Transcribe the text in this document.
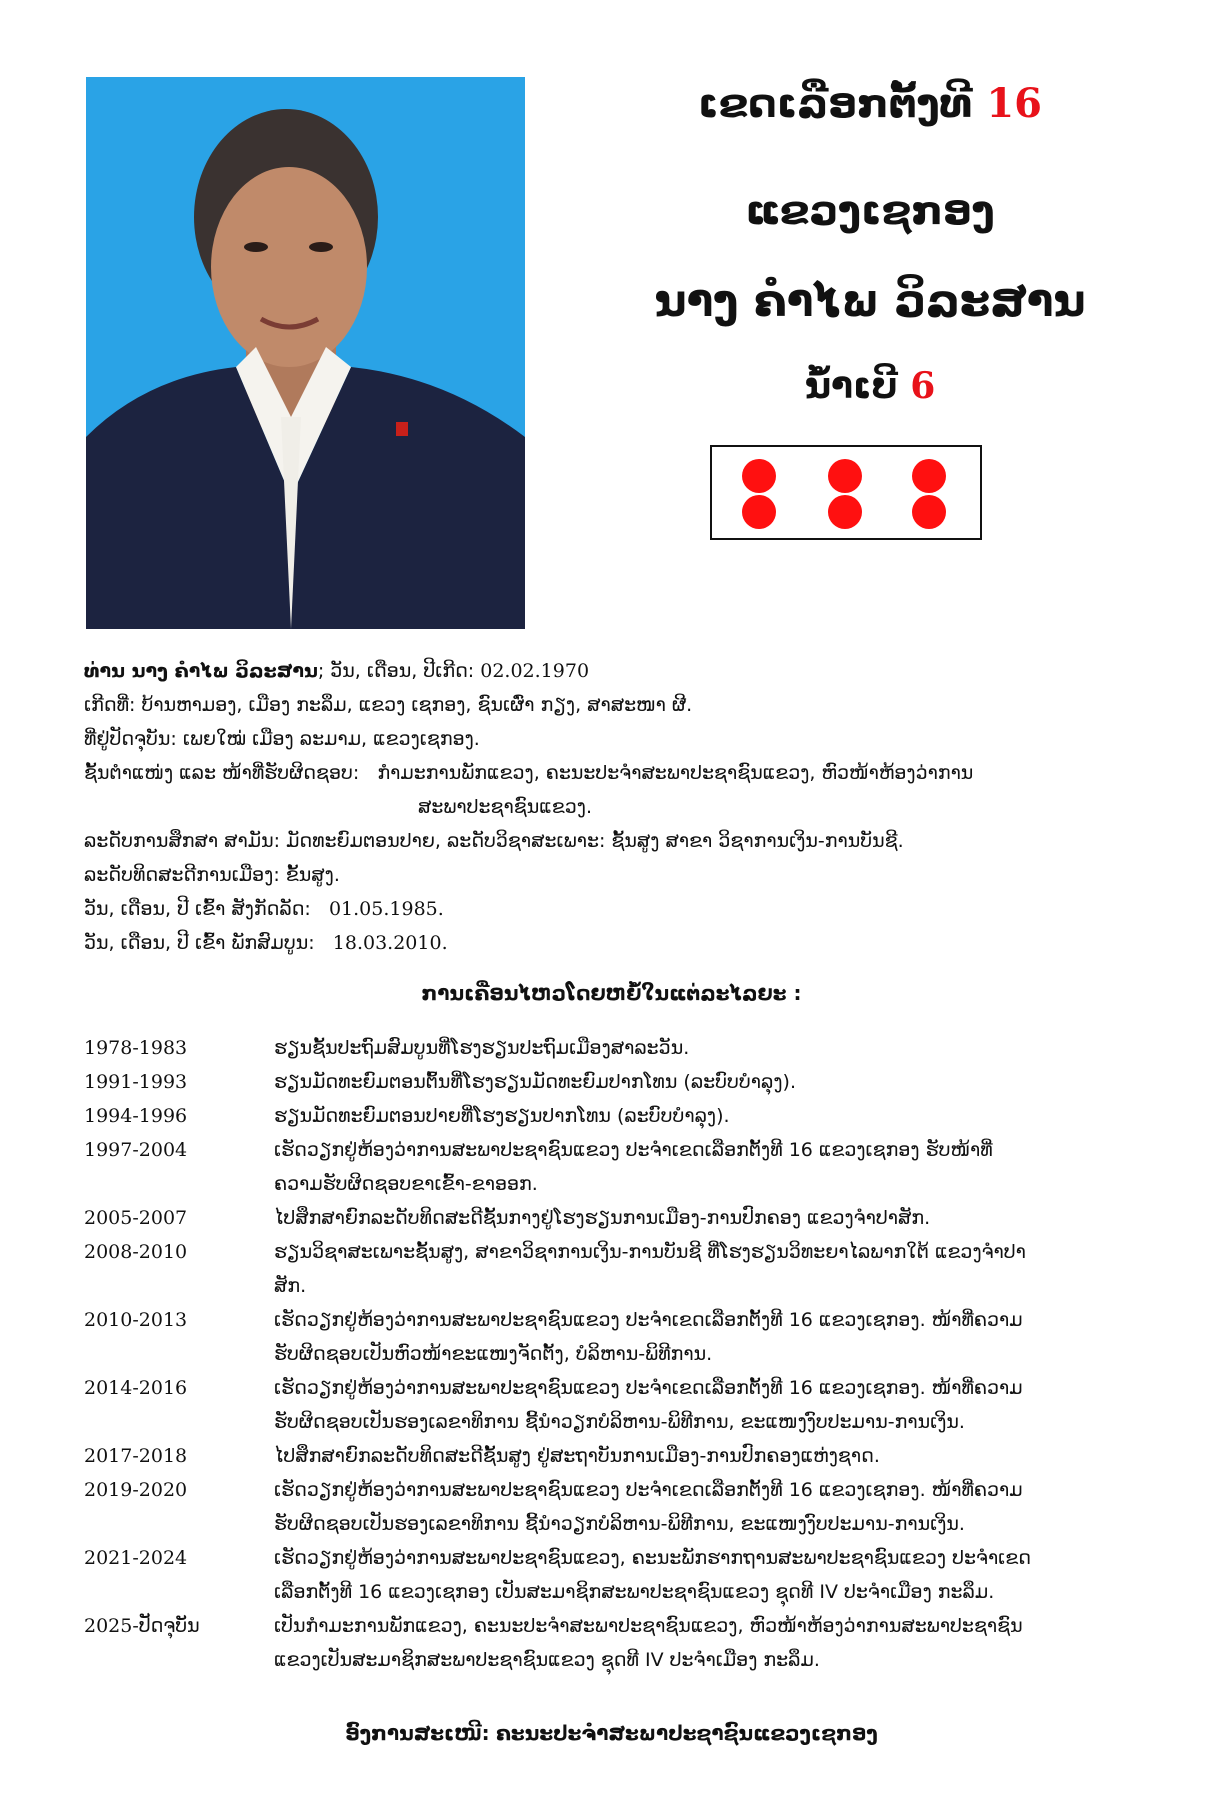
ເຂດເລືອກຕັ້ງທີ 16
ແຂວງເຊກອງ
ນາງ ຄຳໄພ ວິລະສານ
ນ້ຳເບີ 6
ທ່ານ ນາງ ຄຳໄພ ວິລະສານ; ວັນ, ເດືອນ, ປີເກີດ: 02.02.1970
ເກີດທີ່: ບ້ານຫາມອງ, ເມືອງ ກະລຶມ, ແຂວງ ເຊກອງ, ຊົນເຜົ່າ ກຽງ, ສາສະໜາ ຜີ.
ທີ່ຢູ່ປັດຈຸບັນ: ເພຍໃໝ່ ເມືອງ ລະມາມ, ແຂວງເຊກອງ.
ຊັ້ນຕຳແໜ່ງ ແລະ ໜ້າທີ່ຮັບຜິດຊອບ: ກຳມະການພັກແຂວງ, ຄະນະປະຈຳສະພາປະຊາຊົນແຂວງ, ຫົວໜ້າຫ້ອງວ່າການ
ສະພາປະຊາຊົນແຂວງ.
ລະດັບການສຶກສາ ສາມັນ: ມັດທະຍົມຕອນປາຍ, ລະດັບວິຊາສະເພາະ: ຊັ້ນສູງ ສາຂາ ວິຊາການເງິນ-ການບັນຊີ.
ລະດັບທິດສະດີການເມືອງ: ຂັ້ນສູງ.
ວັນ, ເດືອນ, ປີ ເຂົ້າ ສັງກັດລັດ: 01.05.1985.
ວັນ, ເດືອນ, ປີ ເຂົ້າ ພັກສົມບູນ: 18.03.2010.
ການເຄື່ອນໄຫວໂດຍຫຍໍ້ໃນແຕ່ລະໄລຍະ :
1978-1983	ຮຽນຊັ້ນປະຖົມສົມບູນທີ່ໂຮງຮຽນປະຖົມເມືອງສາລະວັນ.
1991-1993	ຮຽນມັດທະຍົມຕອນຕົ້ນທີ່ໂຮງຮຽນມັດທະຍົມປາກໂທນ (ລະບົບບຳລຸງ).
1994-1996	ຮຽນມັດທະຍົມຕອນປາຍທີ່ໂຮງຮຽນປາກໂທນ (ລະບົບບຳລຸງ).
1997-2004	ເຮັດວຽກຢູ່ຫ້ອງວ່າການສະພາປະຊາຊົນແຂວງ ປະຈຳເຂດເລືອກຕັ້ງທີ 16 ແຂວງເຊກອງ ຮັບໜ້າທີ່
ຄວາມຮັບຜິດຊອບຂາເຂົ້າ-ຂາອອກ.
2005-2007	ໄປສຶກສາຍົກລະດັບທິດສະດີຊັ້ນກາງຢູ່ໂຮງຮຽນການເມືອງ-ການປົກຄອງ ແຂວງຈຳປາສັກ.
2008-2010	ຮຽນວິຊາສະເພາະຊັ້ນສູງ, ສາຂາວິຊາການເງິນ-ການບັນຊີ ທີ່ໂຮງຮຽນວິທະຍາໄລພາກໃຕ້ ແຂວງຈຳປາ
ສັກ.
2010-2013	ເຮັດວຽກຢູ່ຫ້ອງວ່າການສະພາປະຊາຊົນແຂວງ ປະຈຳເຂດເລືອກຕັ້ງທີ 16 ແຂວງເຊກອງ. ໜ້າທີ່ຄວາມ
ຮັບຜິດຊອບເປັນຫົວໜ້າຂະແໜງຈັດຕັ້ງ, ບໍລິຫານ-ພິທີການ.
2014-2016	ເຮັດວຽກຢູ່ຫ້ອງວ່າການສະພາປະຊາຊົນແຂວງ ປະຈຳເຂດເລືອກຕັ້ງທີ 16 ແຂວງເຊກອງ. ໜ້າທີ່ຄວາມ
ຮັບຜິດຊອບເປັນຮອງເລຂາທິການ ຊີ້ນຳວຽກບໍລິຫານ-ພິທີການ, ຂະແໜງງົບປະມານ-ການເງິນ.
2017-2018	ໄປສຶກສາຍົກລະດັບທິດສະດີຊັ້ນສູງ ຢູ່ສະຖາບັນການເມືອງ-ການປົກຄອງແຫ່ງຊາດ.
2019-2020	ເຮັດວຽກຢູ່ຫ້ອງວ່າການສະພາປະຊາຊົນແຂວງ ປະຈຳເຂດເລືອກຕັ້ງທີ 16 ແຂວງເຊກອງ. ໜ້າທີ່ຄວາມ
ຮັບຜິດຊອບເປັນຮອງເລຂາທິການ ຊີ້ນຳວຽກບໍລິຫານ-ພິທີການ, ຂະແໜງງົບປະມານ-ການເງິນ.
2021-2024	ເຮັດວຽກຢູ່ຫ້ອງວ່າການສະພາປະຊາຊົນແຂວງ, ຄະນະພັກຮາກຖານສະພາປະຊາຊົນແຂວງ ປະຈຳເຂດ
ເລືອກຕັ້ງທີ 16 ແຂວງເຊກອງ ເປັນສະມາຊິກສະພາປະຊາຊົນແຂວງ ຊຸດທີ IV ປະຈຳເມືອງ ກະລຶມ.
2025-ປັດຈຸບັນ	ເປັນກຳມະການພັກແຂວງ, ຄະນະປະຈຳສະພາປະຊາຊົນແຂວງ, ຫົວໜ້າຫ້ອງວ່າການສະພາປະຊາຊົນ
ແຂວງເປັນສະມາຊິກສະພາປະຊາຊົນແຂວງ ຊຸດທີ IV ປະຈຳເມືອງ ກະລຶມ.
ອົງການສະເໜີ: ຄະນະປະຈຳສະພາປະຊາຊົນແຂວງເຊກອງ
